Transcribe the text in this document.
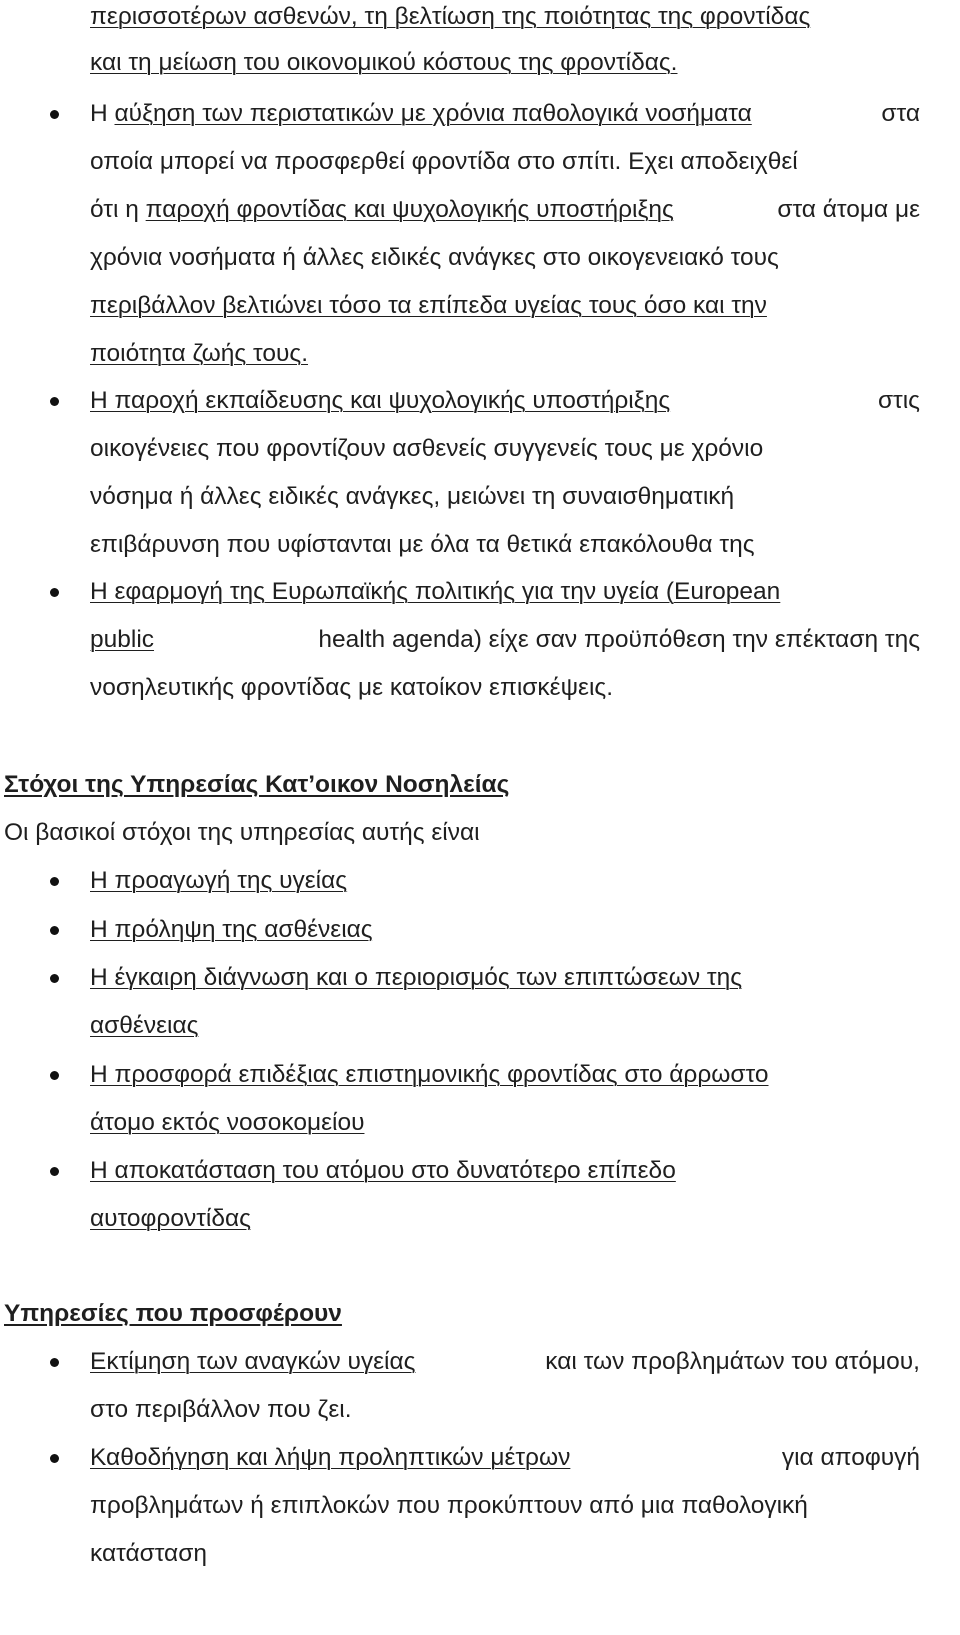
περισσοτέρων ασθενών, τη βελτίωση της ποιότητας της φροντίδας
και τη μείωση του οικονομικού κόστους της φροντίδας.
Η αύξηση των περιστατικών με χρόνια παθολογικά νοσήματα	στα
οποία μπορεί να προσφερθεί φροντίδα στο σπίτι. Εχει αποδειχθεί
ότι η παροχή φροντίδας και ψυχολογικής υποστήριξης	στα άτομα με
χρόνια νοσήματα ή άλλες ειδικές ανάγκες στο οικογενειακό τους
περιβάλλον βελτιώνει τόσο τα επίπεδα υγείας τους όσο και την
ποιότητα ζωής τους.
Η παροχή εκπαίδευσης και ψυχολογικής υποστήριξης	στις
οικογένειες που φροντίζουν ασθενείς συγγενείς τους με χρόνιο
νόσημα ή άλλες ειδικές ανάγκες, μειώνει τη συναισθηματική
επιβάρυνση που υφίστανται με όλα τα θετικά επακόλουθα της
Η εφαρμογή της Ευρωπαϊκής πολιτικής για την υγεία (European
public	health agenda) είχε σαν προϋπόθεση την επέκταση της
νοσηλευτικής φροντίδας με κατοίκον επισκέψεις.
Στόχοι της Υπηρεσίας Κατ’οικον Νοσηλείας
Οι βασικοί στόχοι της υπηρεσίας αυτής είναι
Η προαγωγή της υγείας
Η πρόληψη της ασθένειας
Η έγκαιρη διάγνωση και ο περιορισμός των επιπτώσεων της
ασθένειας
Η προσφορά επιδέξιας επιστημονικής φροντίδας στο άρρωστο
άτομο εκτός νοσοκομείου
Η αποκατάσταση του ατόμου στο δυνατότερο επίπεδο
αυτοφροντίδας
Υπηρεσίες που προσφέρουν
Εκτίμηση των αναγκών υγείας	και των προβλημάτων του ατόμου,
στο περιβάλλον που ζει.
Καθοδήγηση και λήψη προληπτικών μέτρων	για αποφυγή
προβλημάτων ή επιπλοκών που προκύπτουν από μια παθολογική
κατάσταση
